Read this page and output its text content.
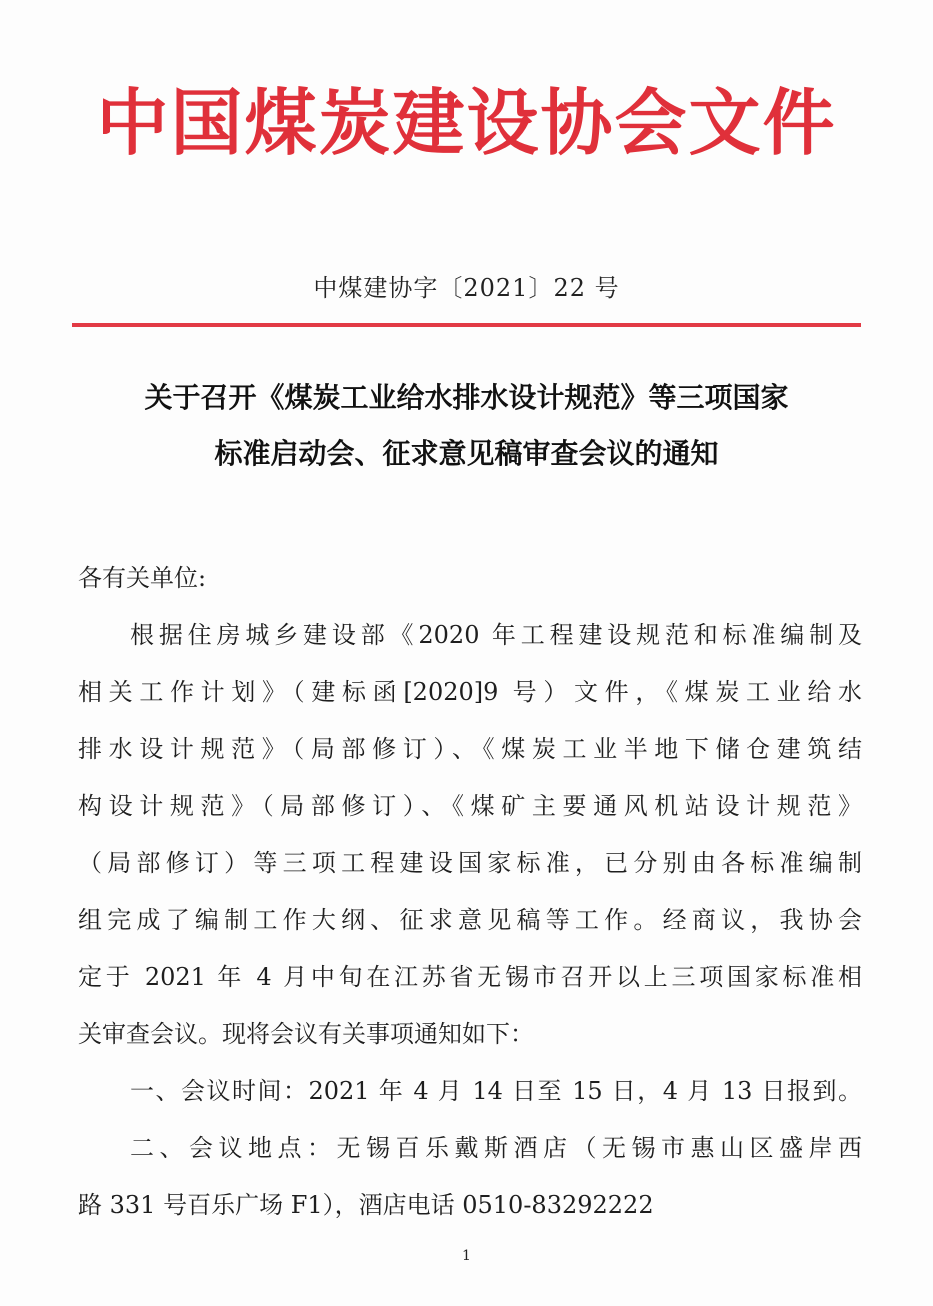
中国煤炭建设协会文件
中煤建协字〔2021〕22 号
关于召开《煤炭工业给水排水设计规范》等三项国家
标准启动会、征求意见稿审查会议的通知
各有关单位:
根据住房城乡建设部《2020 年工程建设规范和标准编制及
相关工作计划》（建标函[2020]9 号）文件，《煤炭工业给水
排水设计规范》（局部修订）、《煤炭工业半地下储仓建筑结
构设计规范》（局部修订）、《煤矿主要通风机站设计规范》
（局部修订）等三项工程建设国家标准，已分别由各标准编制
组完成了编制工作大纲、征求意见稿等工作。经商议，我协会
定于 2021 年 4 月中旬在江苏省无锡市召开以上三项国家标准相
关审查会议。现将会议有关事项通知如下：
一、会议时间：2021 年 4 月 14 日至 15 日，4 月 13 日报到。
二、会议地点：无锡百乐戴斯酒店（无锡市惠山区盛岸西
路 331 号百乐广场 F1），酒店电话 0510-83292222
1
